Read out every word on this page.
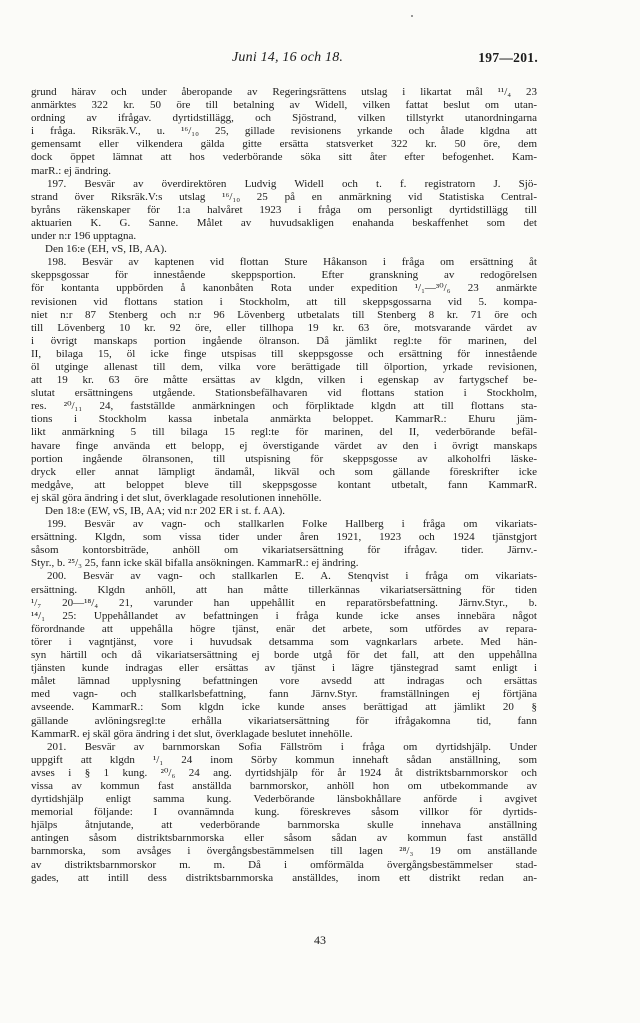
Juni 14, 16 och 18.	197—201.
grund härav och under åberopande av Regeringsrättens utslag i likartat mål ¹¹/₄ 23
anmärktes 322 kr. 50 öre till betalning av Widell, vilken fattat beslut om utan-
ordning av ifrågav. dyrtidstillägg, och Sjöstrand, vilken tillstyrkt utanordningarna
i fråga. Riksräk.V., u. ¹⁶/₁₀ 25, gillade revisionens yrkande och ålade klgdna att
gemensamt eller vilkendera gälda gitte ersätta statsverket 322 kr. 50 öre, dem
dock öppet lämnat att hos vederbörande söka sitt åter efter befogenhet. Kam-
marR.: ej ändring.
197. Besvär av överdirektören Ludvig Widell och t. f. registratorn J. Sjö-
strand över Riksräk.V:s utslag ¹⁶/₁₀ 25 på en anmärkning vid Statistiska Central-
byråns räkenskaper för 1:a halvåret 1923 i fråga om personligt dyrtidstillägg till
aktuarien K. G. Sanne. Målet av huvudsakligen enahanda beskaffenhet som det
under n:r 196 upptagna.
Den 16:e (EH, vS, IB, AA).
198. Besvär av kaptenen vid flottan Sture Håkanson i fråga om ersättning åt
skeppsgossar för innestående skeppsportion. Efter granskning av redogörelsen
för kontanta uppbörden å kanonbåten Rota under expedition ¹/₁—³⁰/₆ 23 anmärkte
revisionen vid flottans station i Stockholm, att till skeppsgossarna vid 5. kompa-
niet n:r 87 Stenberg och n:r 96 Lövenberg utbetalats till Stenberg 8 kr. 71 öre och
till Lövenberg 10 kr. 92 öre, eller tillhopa 19 kr. 63 öre, motsvarande värdet av
i övrigt manskaps portion ingående ölranson. Då jämlikt regl:te för marinen, del
II, bilaga 15, öl icke finge utspisas till skeppsgosse och ersättning för innestående
öl utginge allenast till dem, vilka vore berättigade till ölportion, yrkade revisionen,
att 19 kr. 63 öre måtte ersättas av klgdn, vilken i egenskap av fartygschef be-
slutat ersättningens utgående. Stationsbefälhavaren vid flottans station i Stockholm,
res. ²⁰/₁₁ 24, fastställde anmärkningen och förpliktade klgdn att till flottans sta-
tions i Stockholm kassa inbetala anmärkta beloppet. KammarR.: Ehuru jäm-
likt anmärkning 5 till bilaga 15 regl:te för marinen, del II, vederbörande befäl-
havare finge använda ett belopp, ej överstigande värdet av den i övrigt manskaps
portion ingående ölransonen, till utspisning för skeppsgosse av alkoholfri läske-
dryck eller annat lämpligt ändamål, likväl och som gällande föreskrifter icke
medgåve, att beloppet bleve till skeppsgosse kontant utbetalt, fann KammarR.
ej skäl göra ändring i det slut, överklagade resolutionen innehölle.
Den 18:e (EW, vS, IB, AA; vid n:r 202 ER i st. f. AA).
199. Besvär av vagn- och stallkarlen Folke Hallberg i fråga om vikariats-
ersättning. Klgdn, som vissa tider under åren 1921, 1923 och 1924 tjänstgjort
såsom kontorsbiträde, anhöll om vikariatsersättning för ifrågav. tider. Järnv.-
Styr., b. ²⁵/₃ 25, fann icke skäl bifalla ansökningen. KammarR.: ej ändring.
200. Besvär av vagn- och stallkarlen E. A. Stenqvist i fråga om vikariats-
ersättning. Klgdn anhöll, att han måtte tillerkännas vikariatsersättning för tiden
¹/₇ 20—¹⁸/₄ 21, varunder han uppehållit en reparatörsbefattning. Järnv.Styr., b.
¹⁴/₁ 25: Uppehållandet av befattningen i fråga kunde icke anses innebära något
förordnande att uppehålla högre tjänst, enär det arbete, som utfördes av repara-
törer i vagntjänst, vore i huvudsak detsamma som vagnkarlars arbete. Med hän-
syn härtill och då vikariatsersättning ej borde utgå för det fall, att den uppehållna
tjänsten kunde indragas eller ersättas av tjänst i lägre tjänstegrad samt enligt i
målet lämnad upplysning befattningen vore avsedd att indragas och ersättas
med vagn- och stallkarlsbefattning, fann Järnv.Styr. framställningen ej förtjäna
avseende. KammarR.: Som klgdn icke kunde anses berättigad att jämlikt 20 §
gällande avlöningsregl:te erhålla vikariatsersättning för ifrågakomna tid, fann
KammarR. ej skäl göra ändring i det slut, överklagade beslutet innehölle.
201. Besvär av barnmorskan Sofia Fällström i fråga om dyrtidshjälp. Under
uppgift att klgdn ¹/₁ 24 inom Sörby kommun innehaft sådan anställning, som
avses i § 1 kung. ²⁰/₆ 24 ang. dyrtidshjälp för år 1924 åt distriktsbarnmorskor och
vissa av kommun fast anställda barnmorskor, anhöll hon om utbekommande av
dyrtidshjälp enligt samma kung. Vederbörande länsbokhållare anförde i avgivet
memorial följande: I ovannämnda kung. föreskreves såsom villkor för dyrtids-
hjälps åtnjutande, att vederbörande barnmorska skulle innehava anställning
antingen såsom distriktsbarnmorska eller såsom sådan av kommun fast anställd
barnmorska, som avsåges i övergångsbestämmelsen till lagen ²⁸/₃ 19 om anställande
av distriktsbarnmorskor m. m. Då i omförmälda övergångsbestämmelser stad-
gades, att intill dess distriktsbarnmorska anställdes, inom ett distrikt redan an-
43
